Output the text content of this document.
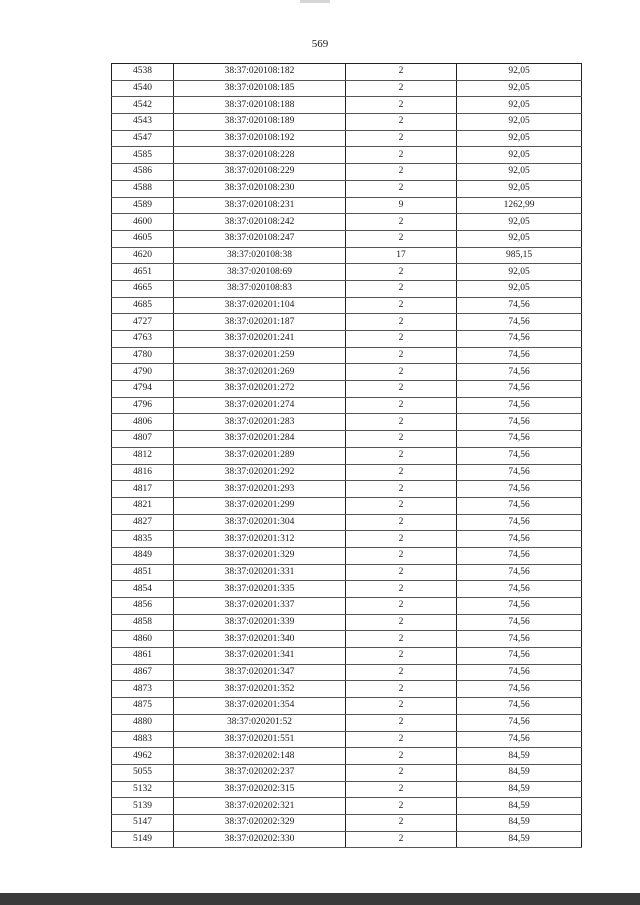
569
4538	38:37:020108:182	2	92,05
4540	38:37:020108:185	2	92,05
4542	38:37:020108:188	2	92,05
4543	38:37:020108:189	2	92,05
4547	38:37:020108:192	2	92,05
4585	38:37:020108:228	2	92,05
4586	38:37:020108:229	2	92,05
4588	38:37:020108:230	2	92,05
4589	38:37:020108:231	9	1262,99
4600	38:37:020108:242	2	92,05
4605	38:37:020108:247	2	92,05
4620	38:37:020108:38	17	985,15
4651	38:37:020108:69	2	92,05
4665	38:37:020108:83	2	92,05
4685	38:37:020201:104	2	74,56
4727	38:37:020201:187	2	74,56
4763	38:37:020201:241	2	74,56
4780	38:37:020201:259	2	74,56
4790	38:37:020201:269	2	74,56
4794	38:37:020201:272	2	74,56
4796	38:37:020201:274	2	74,56
4806	38:37:020201:283	2	74,56
4807	38:37:020201:284	2	74,56
4812	38:37:020201:289	2	74,56
4816	38:37:020201:292	2	74,56
4817	38:37:020201:293	2	74,56
4821	38:37:020201:299	2	74,56
4827	38:37:020201:304	2	74,56
4835	38:37:020201:312	2	74,56
4849	38:37:020201:329	2	74,56
4851	38:37:020201:331	2	74,56
4854	38:37:020201:335	2	74,56
4856	38:37:020201:337	2	74,56
4858	38:37:020201:339	2	74,56
4860	38:37:020201:340	2	74,56
4861	38:37:020201:341	2	74,56
4867	38:37:020201:347	2	74,56
4873	38:37:020201:352	2	74,56
4875	38:37:020201:354	2	74,56
4880	38:37:020201:52	2	74,56
4883	38:37:020201:551	2	74,56
4962	38:37:020202:148	2	84,59
5055	38:37:020202:237	2	84,59
5132	38:37:020202:315	2	84,59
5139	38:37:020202:321	2	84,59
5147	38:37:020202:329	2	84,59
5149	38:37:020202:330	2	84,59
